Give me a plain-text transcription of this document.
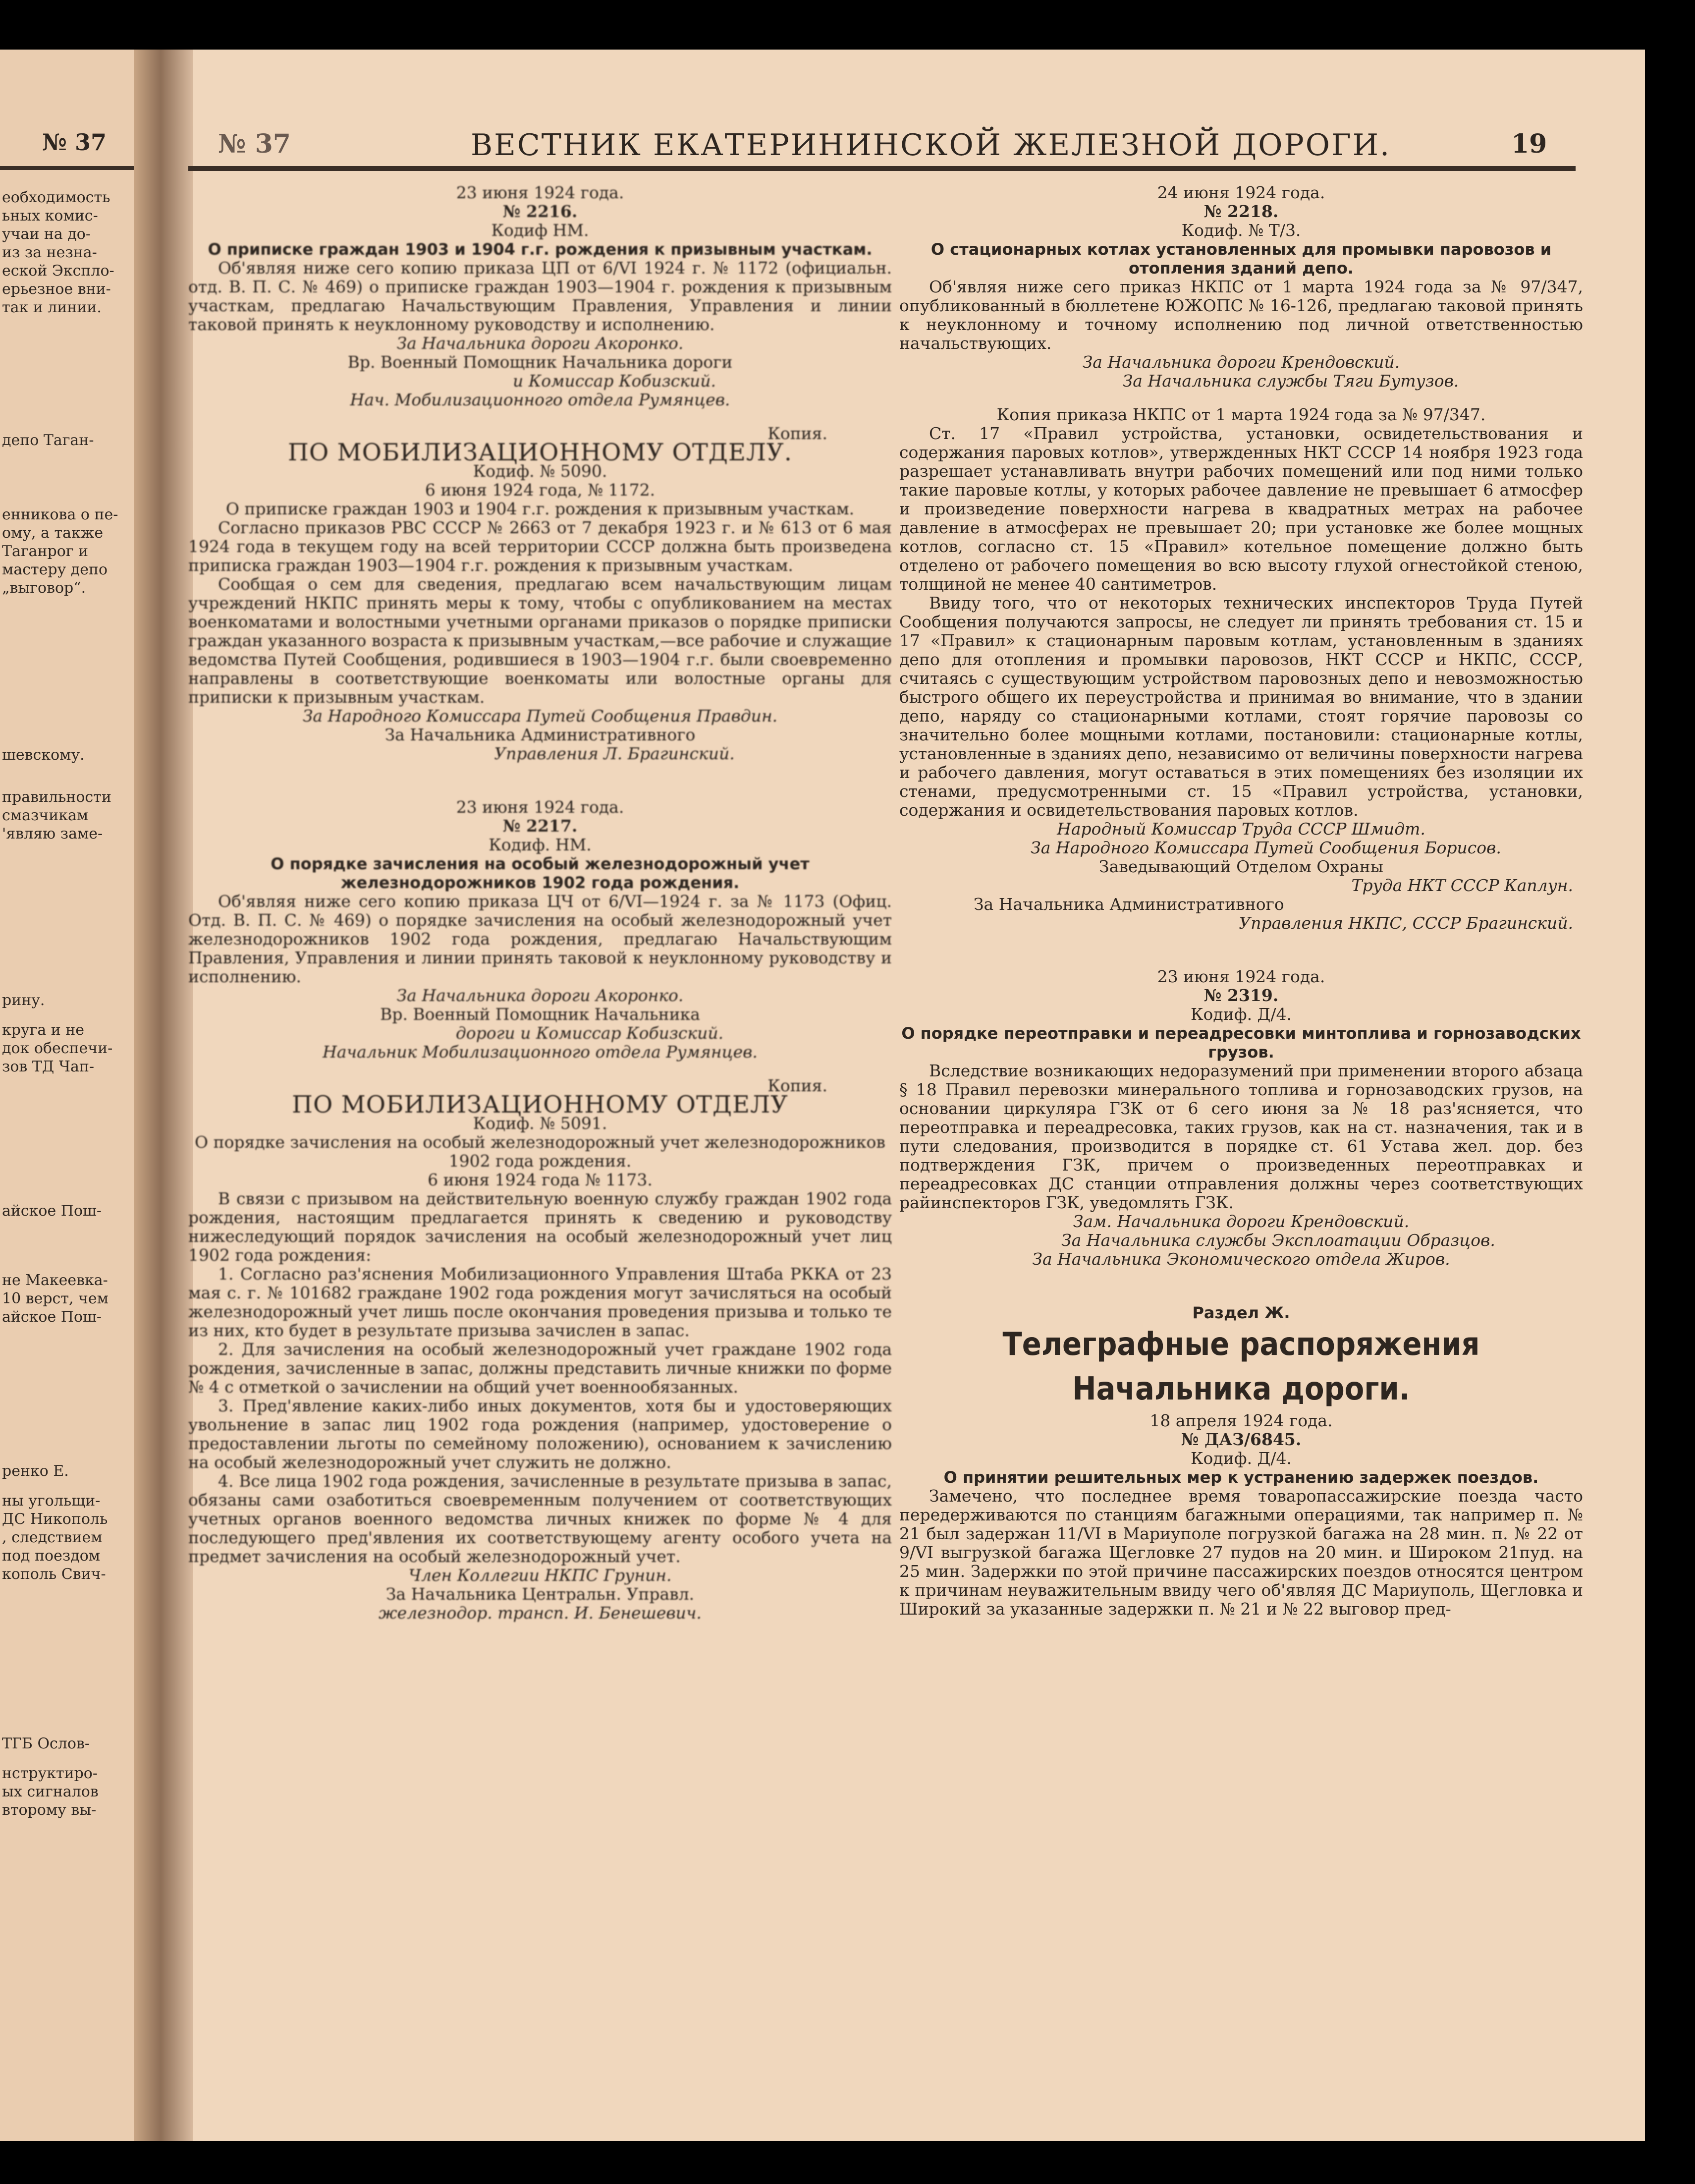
№ 37
еобходимость
ьных комис-
учаи на до-
из за незна-
еской Экспло-
ерьезное вни-
так и линии.
депо Таган-
енникова о пе-
ому, а также
Таганрог и
мастеру депо
„выговор“.
шевскому.
правильности
смазчикам
'являю заме-
рину.
круга и не
док обеспечи-
зов ТД Чап-
айское Пош-
не Макеевка-
10 верст, чем
айское Пош-
ренко Е.
ны угольщи-
ДС Никополь
, следствием
под поездом
кополь Свич-
ТГБ Ослов-
нструктиро-
ых сигналов
второму вы-
№ 37	ВЕСТНИК ЕКАТЕРИНИНСКОЙ ЖЕЛЕЗНОЙ ДОРОГИ.	19

23 июня 1924 года.

№ 2216.

Кодиф НМ.

О приписке граждан 1903 и 1904 г.г. рождения к призывным участкам.

Об'являя ниже сего копию приказа ЦП от 6/VI 1924 г. № 1172 (официальн. отд. В. П. С. № 469) о приписке граждан 1903—1904 г. рождения к призывным участкам, предлагаю Начальствующим Правления, Управления и линии таковой принять к неуклонному руководству и исполнению.

За Начальника дороги Акоронко.

Вр. Военный Помощник Начальника дороги

и Комиссар Кобизский.

Нач. Мобилизационного отдела Румянцев.

Копия.

ПО МОБИЛИЗАЦИОННОМУ ОТДЕЛУ.

Кодиф. № 5090.

6 июня 1924 года, № 1172.

О приписке граждан 1903 и 1904 г.г. рождения к призывным участкам.

Согласно приказов РВС СССР № 2663 от 7 декабря 1923 г. и № 613 от 6 мая 1924 года в текущем году на всей территории СССР должна быть произведена приписка граждан 1903—1904 г.г. рождения к призывным участкам.

Сообщая о сем для сведения, предлагаю всем начальствующим лицам учреждений НКПС принять меры к тому, чтобы с опубликованием на местах военкоматами и волостными учетными органами приказов о порядке приписки граждан указанного возраста к призывным участкам,—все рабочие и служащие ведомства Путей Сообщения, родившиеся в 1903—1904 г.г. были своевременно направлены в соответствующие военкоматы или волостные органы для приписки к призывным участкам.

За Народного Комиссара Путей Сообщения Правдин.

За Начальника Административного

Управления Л. Брагинский.

23 июня 1924 года.

№ 2217.

Кодиф. НМ.

О порядке зачисления на особый железнодорожный учет железнодорожников 1902 года рождения.

Об'являя ниже сего копию приказа ЦЧ от 6/VI—1924 г. за № 1173 (Офиц. Отд. В. П. С. № 469) о порядке зачисления на особый железнодорожный учет железнодорожников 1902 года рождения, предлагаю Начальствующим Правления, Управления и линии принять таковой к неуклонному руководству и исполнению.

За Начальника дороги Акоронко.

Вр. Военный Помощник Начальника

дороги и Комиссар Кобизский.

Начальник Мобилизационного отдела Румянцев.

Копия.

ПО МОБИЛИЗАЦИОННОМУ ОТДЕЛУ

Кодиф. № 5091.

О порядке зачисления на особый железнодорожный учет железнодорожников 1902 года рождения.

6 июня 1924 года № 1173.

В связи с призывом на действительную военную службу граждан 1902 года рождения, настоящим предлагается принять к сведению и руководству нижеследующий порядок зачисления на особый железнодорожный учет лиц 1902 года рождения:

1. Согласно раз'яснения Мобилизационного Управления Штаба РККА от 23 мая с. г. № 101682 граждане 1902 года рождения могут зачисляться на особый железнодорожный учет лишь после окончания проведения призыва и только те из них, кто будет в результате призыва зачислен в запас.

2. Для зачисления на особый железнодорожный учет граждане 1902 года рождения, зачисленные в запас, должны представить личные книжки по форме № 4 с отметкой о зачислении на общий учет военнообязанных.

3. Пред'явление каких-либо иных документов, хотя бы и удостоверяющих увольнение в запас лиц 1902 года рождения (например, удостоверение о предоставлении льготы по семейному положению), основанием к зачислению на особый железнодорожный учет служить не должно.

4. Все лица 1902 года рождения, зачисленные в результате призыва в запас, обязаны сами озаботиться своевременным получением от соответствующих учетных органов военного ведомства личных книжек по форме № 4 для последующего пред'явления их соответствующему агенту особого учета на предмет зачисления на особый железнодорожный учет.

Член Коллегии НКПС Грунин.

За Начальника Центральн. Управл.

железнодор. трансп. И. Бенешевич.

24 июня 1924 года.

№ 2218.

Кодиф. № Т/3.

О стационарных котлах установленных для промывки паровозов и отопления зданий депо.

Об'являя ниже сего приказ НКПС от 1 марта 1924 года за № 97/347, опубликованный в бюллетене ЮЖОПС № 16-126, предлагаю таковой принять к неуклонному и точному исполнению под личной ответственностью начальствующих.

За Начальника дороги Крендовский.

За Начальника службы Тяги Бутузов.

Копия приказа НКПС от 1 марта 1924 года за № 97/347.

Ст. 17 «Правил устройства, установки, освидетельствования и содержания паровых котлов», утвержденных НКТ СССР 14 ноября 1923 года разрешает устанавливать внутри рабочих помещений или под ними только такие паровые котлы, у которых рабочее давление не превышает 6 атмосфер и произведение поверхности нагрева в квадратных метрах на рабочее давление в атмосферах не превышает 20; при установке же более мощных котлов, согласно ст. 15 «Правил» котельное помещение должно быть отделено от рабочего помещения во всю высоту глухой огнестойкой стеною, толщиной не менее 40 сантиметров.

Ввиду того, что от некоторых технических инспекторов Труда Путей Сообщения получаются запросы, не следует ли принять требования ст. 15 и 17 «Правил» к стационарным паровым котлам, установленным в зданиях депо для отопления и промывки паровозов, НКТ СССР и НКПС, СССР, считаясь с существующим устройством паровозных депо и невозможностью быстрого общего их переустройства и принимая во внимание, что в здании депо, наряду со стационарными котлами, стоят горячие паровозы со значительно более мощными котлами, постановили: стационарные котлы, установленные в зданиях депо, независимо от величины поверхности нагрева и рабочего давления, могут оставаться в этих помещениях без изоляции их стенами, предусмотренными ст. 15 «Правил устройства, установки, содержания и освидетельствования паровых котлов.

Народный Комиссар Труда СССР Шмидт.

За Народного Комиссара Путей Сообщения Борисов.

Заведывающий Отделом Охраны

Труда НКТ СССР Каплун.

За Начальника Административного

Управления НКПС, СССР Брагинский.

23 июня 1924 года.

№ 2319.

Кодиф. Д/4.

О порядке переотправки и переадресовки минтоплива и горнозаводских грузов.

Вследствие возникающих недоразумений при применении второго абзаца § 18 Правил перевозки минерального топлива и горнозаводских грузов, на основании циркуляра ГЗК от 6 сего июня за № 18 раз'ясняется, что переотправка и переадресовка, таких грузов, как на ст. назначения, так и в пути следования, производится в порядке ст. 61 Устава жел. дор. без подтверждения ГЗК, причем о произведенных переотправках и переадресовках ДС станции отправления должны через соответствующих райинспекторов ГЗК, уведомлять ГЗК.

Зам. Начальника дороги Крендовский.

За Начальника службы Эксплоатации Образцов.

За Начальника Экономического отдела Жиров.

Раздел Ж.

Телеграфные распоряжения Начальника дороги.

18 апреля 1924 года.

№ ДАЗ/6845.

Кодиф. Д/4.

О принятии решительных мер к устранению задержек поездов.

Замечено, что последнее время товаропассажирские поезда часто передерживаются по станциям багажными операциями, так например п. № 21 был задержан 11/VI в Мариуполе погрузкой багажа на 28 мин. п. № 22 от 9/VI выгрузкой багажа Щегловке 27 пудов на 20 мин. и Широком 21пуд. на 25 мин. Задержки по этой причине пассажирских поездов относятся центром к причинам неуважительным ввиду чего об'являя ДС Мариуполь, Щегловка и Широкий за указанные задержки п. № 21 и № 22 выговор пред-
